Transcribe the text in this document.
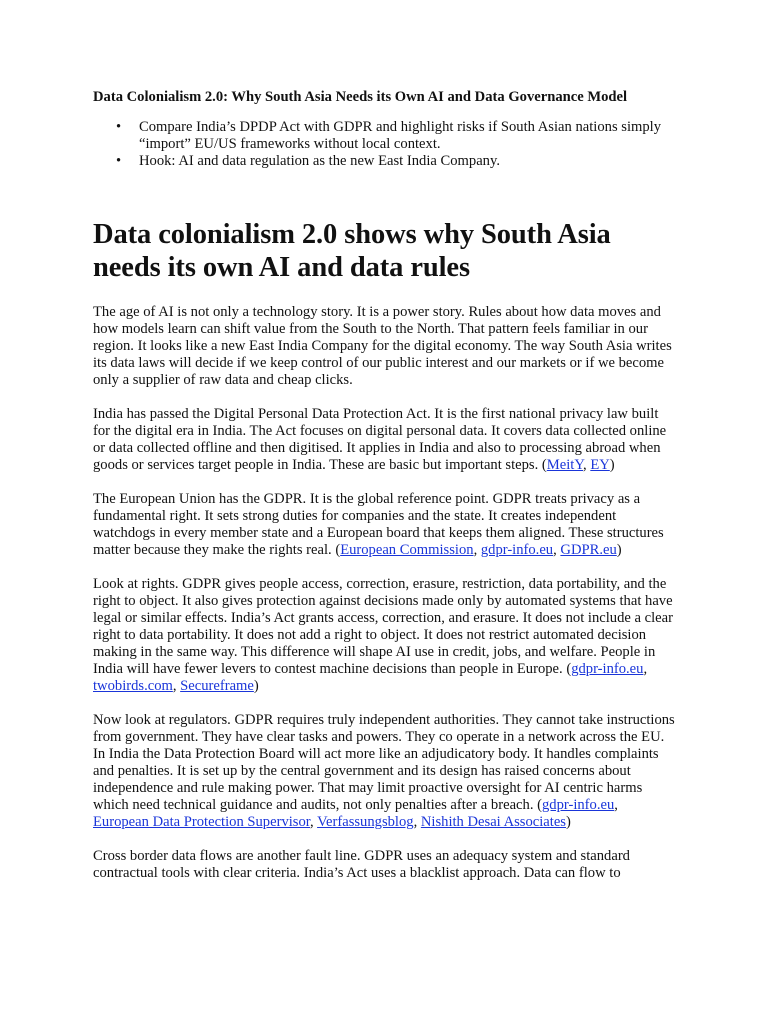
Data Colonialism 2.0: Why South Asia Needs its Own AI and Data Governance Model
• Compare India’s DPDP Act with GDPR and highlight risks if South Asian nations simply “import” EU/US frameworks without local context.
• Hook: AI and data regulation as the new East India Company.
Data colonialism 2.0 shows why South Asia needs its own AI and data rules

The age of AI is not only a technology story. It is a power story. Rules about how data moves and how models learn can shift value from the South to the North. That pattern feels familiar in our region. It looks like a new East India Company for the digital economy. The way South Asia writes its data laws will decide if we keep control of our public interest and our markets or if we become only a supplier of raw data and cheap clicks.

India has passed the Digital Personal Data Protection Act. It is the first national privacy law built for the digital era in India. The Act focuses on digital personal data. It covers data collected online or data collected offline and then digitised. It applies in India and also to processing abroad when goods or services target people in India. These are basic but important steps. (MeitY, EY)

The European Union has the GDPR. It is the global reference point. GDPR treats privacy as a fundamental right. It sets strong duties for companies and the state. It creates independent watchdogs in every member state and a European board that keeps them aligned. These structures matter because they make the rights real. (European Commission, gdpr-info.eu, GDPR.eu)

Look at rights. GDPR gives people access, correction, erasure, restriction, data portability, and the right to object. It also gives protection against decisions made only by automated systems that have legal or similar effects. India’s Act grants access, correction, and erasure. It does not include a clear right to data portability. It does not add a right to object. It does not restrict automated decision making in the same way. This difference will shape AI use in credit, jobs, and welfare. People in India will have fewer levers to contest machine decisions than people in Europe. (gdpr-info.eu, twobirds.com, Secureframe)

Now look at regulators. GDPR requires truly independent authorities. They cannot take instructions from government. They have clear tasks and powers. They co operate in a network across the EU. In India the Data Protection Board will act more like an adjudicatory body. It handles complaints and penalties. It is set up by the central government and its design has raised concerns about independence and rule making power. That may limit proactive oversight for AI centric harms which need technical guidance and audits, not only penalties after a breach. (gdpr-info.eu, European Data Protection Supervisor, Verfassungsblog, Nishith Desai Associates)

Cross border data flows are another fault line. GDPR uses an adequacy system and standard contractual tools with clear criteria. India’s Act uses a blacklist approach. Data can flow to
